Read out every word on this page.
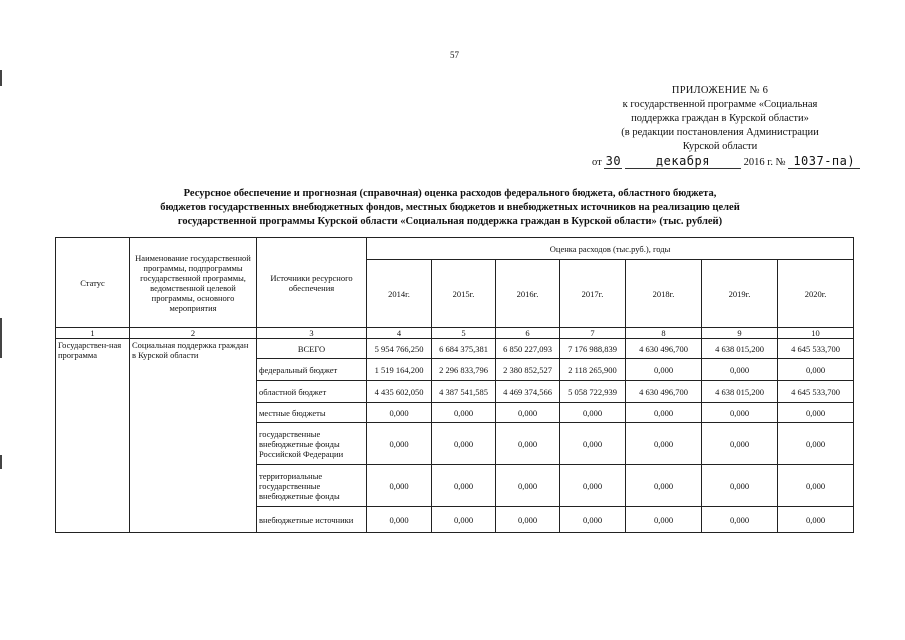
57
ПРИЛОЖЕНИЕ № 6
к государственной программе «Социальная
поддержка граждан в Курской области»
(в редакции постановления Администрации
Курской области
от 30	декабря	2016 г. № 1037-па)
Ресурсное обеспечение и прогнозная (справочная) оценка расходов федерального бюджета, областного бюджета,
бюджетов государственных внебюджетных фондов, местных бюджетов и внебюджетных источников на реализацию целей
государственной программы Курской области «Социальная поддержка граждан в Курской области» (тыс. рублей)
Статус	Наименование государственной программы, подпрограммы государственной программы, ведомственной целевой программы, основного мероприятия	Источники ресурсного обеспечения	Оценка расходов (тыс.руб.), годы						
			2014г.	2015г.	2016г.	2017г.	2018г.	2019г.	2020г.
1	2	3	4	5	6	7	8	9	10
Государствен-ная программа	Социальная поддержка граждан в Курской области	ВСЕГО	5 954 766,250	6 684 375,381	6 850 227,093	7 176 988,839	4 630 496,700	4 638 015,200	4 645 533,700
		федеральный бюджет	1 519 164,200	2 296 833,796	2 380 852,527	2 118 265,900	0,000	0,000	0,000
		областной бюджет	4 435 602,050	4 387 541,585	4 469 374,566	5 058 722,939	4 630 496,700	4 638 015,200	4 645 533,700
		местные бюджеты	0,000	0,000	0,000	0,000	0,000	0,000	0,000
		государственные внебюджетные фонды Российской Федерации	0,000	0,000	0,000	0,000	0,000	0,000	0,000
		территориальные государственные внебюджетные фонды	0,000	0,000	0,000	0,000	0,000	0,000	0,000
		внебюджетные источники	0,000	0,000	0,000	0,000	0,000	0,000	0,000
